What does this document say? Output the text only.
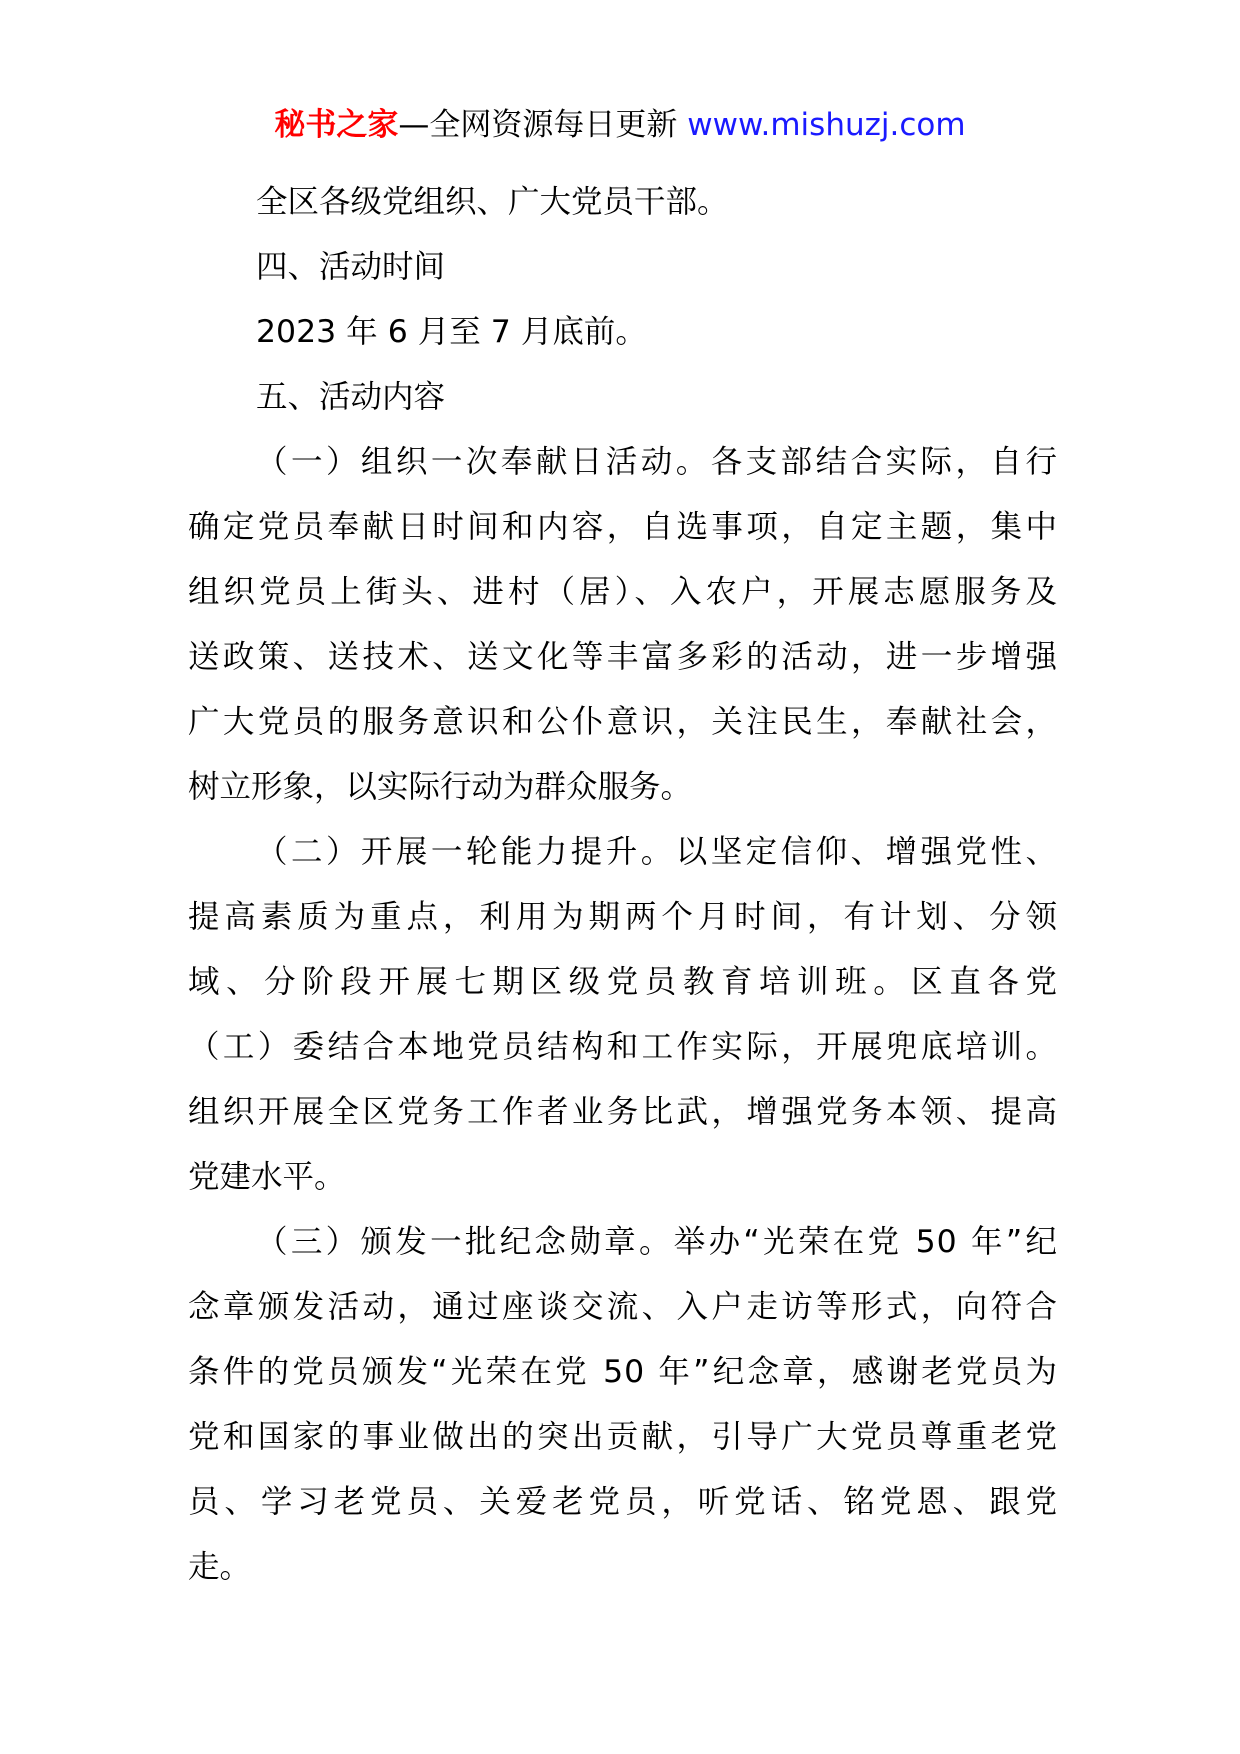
秘书之家—全网资源每日更新 www.mishuzj.com
全区各级党组织、广大党员干部。
四、活动时间
2023 年 6 月至 7 月底前。
五、活动内容
（一）组织一次奉献日活动。各支部结合实际，自行
确定党员奉献日时间和内容，自选事项，自定主题，集中
组织党员上街头、进村（居）、入农户，开展志愿服务及
送政策、送技术、送文化等丰富多彩的活动，进一步增强
广大党员的服务意识和公仆意识，关注民生，奉献社会，
树立形象，以实际行动为群众服务。
（二）开展一轮能力提升。以坚定信仰、增强党性、
提高素质为重点，利用为期两个月时间，有计划、分领
域、分阶段开展七期区级党员教育培训班。区直各党
（工）委结合本地党员结构和工作实际，开展兜底培训。
组织开展全区党务工作者业务比武，增强党务本领、提高
党建水平。
（三）颁发一批纪念勋章。举办“光荣在党 50 年”纪
念章颁发活动，通过座谈交流、入户走访等形式，向符合
条件的党员颁发“光荣在党 50 年”纪念章，感谢老党员为
党和国家的事业做出的突出贡献，引导广大党员尊重老党
员、学习老党员、关爱老党员，听党话、铭党恩、跟党
走。
